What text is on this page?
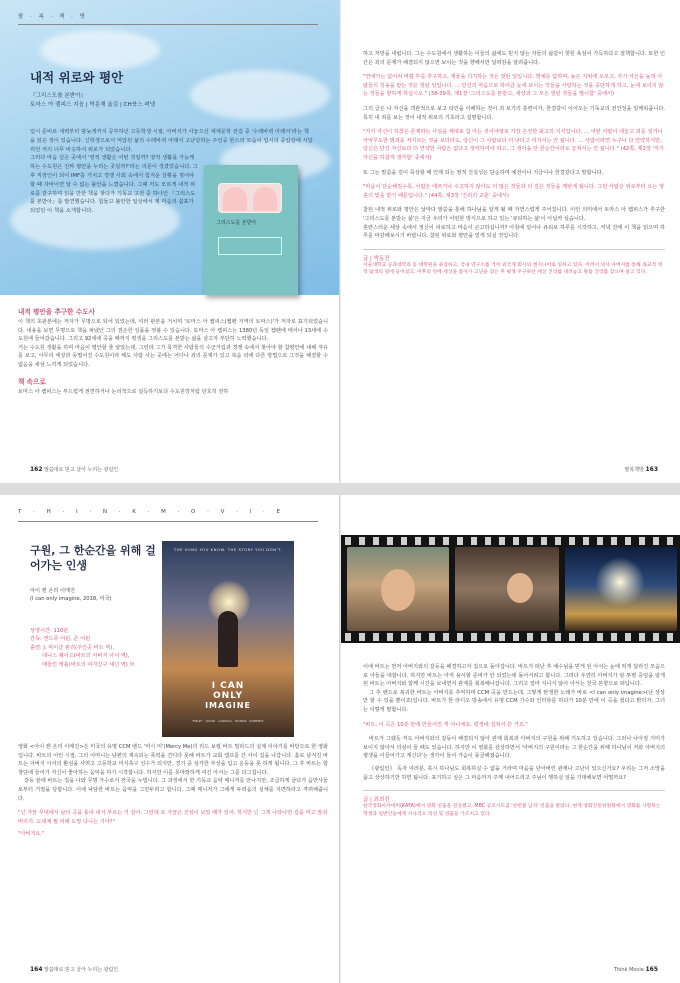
팔 · 복 · 책 · 방
내적 위로와 평안
『그리스도를 본받아』
토마스 아 켐피스 지음 | 박문재 옮김 | CH북스 펴냄

입시 준비로 새벽부터 밤늦게까지 공부하던 고등학생 시절, 아버지가 사놓으신 세계문학 전집 중 '수레바퀴 아래서'라는 책을 읽은 적이 있습니다. 신학생으로서 억압된 삶의 수레바퀴 아래서 고난당하는 주인공 한스의 모습이 입시의 중압감에 시달리던 저의 너무 비슷하여 위로가 되었습니다.

그러다 마음 깊은 곳에서 '영적 생활은 어떤 것일까? 영적 생활을 가능케 하는 수도원은 진짜 평안을 누리는 곳일까?'라는 의문이 생겼었습니다. 그 후 직장인이 되어 IMF를 거치고 경쟁 사회 속에서 힘겨운 상황을 겪어야 할 때 자바이면 알 수 없는 불안을 느꼈습니다. 그때 저도 모르게 내적 위로를 갈구하며 읽을 만한 책을 찾다가 기독교 고전 중 하나인 『그리스도를 본받아』를 발견했습니다. 힘들고 불안한 일상에서 제 마음의 쉼표가 되었던 이 책을 소개합니다.

그리스도를 본받아
내적 평안을 추구한 수도사

이 책의 초판본에는 저자가 무명으로 되어 있었는데, 여러 판본을 거치며 '토마스 아 켐피스(켐펜 지역의 토마스)'가 저자로 표기되었습니다. 내용을 보면 무명으로 책을 펴냈던 그의 겸손한 성품을 엿볼 수 있습니다. 토마스 아 켐피스는 1380년 독일 켐펜에 태어나 13세에 수도원에 들어갔습니다. 그리고 92세에 죽을 때까지 평생을 그리스도를 본받는 삶을 살고자 부단히 노력했습니다.

거는 수도원 생활을 하며 마음이 평안할 줄 알았는데, 그런데 그가 목격한 사람들의 수군거림과 경쟁 속에서 찾아야 할 참평안에 대해 자유를 보고, 아무리 세상과 동떨어진 수도원이라 해도 사람 사는 곳에는 어디나 죄의 문제가 있고 복음 외에 다른 방법으로 그것을 해결할 수 없음을 새삼 느끼게 되었습니다.

책 속으로

토마스 아 켐피스는 부드럽게 권면하거나 논리적으로 설득하기보다 수도원장처럼 단호히 전하

162 말씀대로 믿고 살아 누리는 광림인

하고 처방을 내립니다. 그는 수도원에서 생활하는 이들의 삶에도 믿지 않는 자들의 삶같이 헛된 욕심이 가득하다고 질책합니다. 또한 인간은 죄의 문제가 해결되지 않으면 보이는 것을 향해서만 달려감을 알려줍니다.

"연애가는 없어져 버릴 부를 추구하고, 재물을 의지하는 것은 헛된 일입니다. 명예를 탐하며, 높은 지위에 오르고, 자기 자신을 높혀 사람들의 칭송을 받는 것은 헛된 일입니다. … 당신의 마음으로 하여금 눈에 보이는 것들을 사랑하는 것을 중단하게 하고, 눈에 보이지 않는 것들을 향하게 하십시오." (38-39쪽, 제1장 '그리스도를 본받고, 세상과 그 모든 헛된 것들을 멸시함' 중에서)

그의 글은 나 자신을 객관적으로 보고 타인을 이해하는 것이 죄 보기의 훈련이자, 한결같이 이어오는 기독교의 전인성을 일깨워줍니다. 특히 내 죄를 보는 것이 내적 위로의 기초라고 설명합니다.

"자기 자신이 하찮은 존재라는 사실을 제대로 참 아는 것이야말로 가장 온전한 최고의 지식입니다. … 어떤 사람이 대놓고 죄를 짓거나 극악무도한 범죄를 저지르는 것을 보더라도, 당신이 그 사람보다 더 낫다고 여겨서는 안 됩니다. … 사람이라면 누구나 다 연약하지만, 당신은 당신 자신보다 더 연약한 사람은 없다고 생각하여야 하고, 그 생각을 단 한순간이라도 놓쳐서는 안 됩니다." (42쪽, 제2장 '자기 자신을 하찮게 생각함' 중에서)

또 그는 말씀을 깊이 묵상할 때 언제 되는 영적 진실성은 단순하며 예전이나 지금이나 한결같다고 말합니다.

"마음이 단순해질수록, 사람은 애쓰거나 수고하지 않아도 더 많은 것들과 더 깊은 것들을 깨닫게 됩니다. 그런 사람은 위로부터 오는 영혼의 빛을 받기 때문입니다." (44쪽, 제3장 '진리의 교훈' 중에서)

참된 내적 위로와 평안은 날마다 말씀을 통해 하나님을 알게 될 때 자연스럽게 주어집니다. 이런 의미에서 토마스 아 켐피스가 추구한 '그리스도를 본받는 삶'은 지금 우리가 어떤한 방식으로 하고 있는 '큐티하는 삶'이 아닐까 싶습니다.

혼란스러운 세상 속에서 정신이 피로하고 마음이 곤고하십니까? 아침에 일어나 큐티로 하루를 시작하고, 저녁 잔에 이 책을 읽으며 하루를 마감해보시기 바랍니다. 참된 위로와 평안을 얻게 되실 것입니다.

글 | 박동진

서울대학교 공과대학과 동 대학원을 졸업하고, 국내 연구소를 거쳐 외국계 회사의 엔지니어로 일하고 있다. 어려서 의사 아버지를 통해 종교적 영적 탐색의 길에 들어섰고, 이후의 뒤에 세상을 좋아가 고난을 겪은 후 평생 주구하던 세상 진리를 내려놓고 말씀 진리를 찾으며 살고 있다.

팔복책방 163
T · H · I · N · K · M · O · V · I · E
구원, 그 한순간을 위해 걸어가는 인생
아이 캔 온리 이매진
(I can only imagine, 2018, 미국)
상영시간: 110분
감독: 앤드류 어윈, 존 어윈
출연: J. 마이클 핀리(주인공 바트 역),
데니스 퀘이드(바트의 아버지 아서 역),
매들린 캐롤(바트의 여자친구 섀넌 역) 外
THE SONG YOU KNOW. THE STORY YOU DON'T.
I CAN
ONLY
IMAGINE
FINLEY · QUAID · CARROLL · NORRIS · ROBERTS

영화 <아이 캔 온리 이매진>은 미국의 유명 CCM 밴드 '머시 미'(Mercy Me)의 리드 보컬 바트 밀라드의 실제 이야기를 바탕으로 한 영화입니다. 바트의 어린 시절, 그의 어머니는 남편의 계속되는 폭력을 견디다 못해 바트가 교회 캠프를 간 사이 집을 나갑니다. 홀로 남겨진 바트는 아버지 아서의 환심을 사려고 고등학교 미식축구 선수가 되지만, 경기 중 심각한 부상을 입고 운동을 못 하게 됩니다. 그 후 바트는 합창단에 들어가 자신이 좋아하는 음악을 하기 시작합니다. 하지만 이를 못마땅하게 여긴 아서는 그를 다그칩니다.

갈등 끝에 바트는 집을 나와 무명 가수로서 전국을 누빕니다. 그 과정에서 한 기독교 음악 매니저를 만나지만, 조급하게 굴다가 음반사들로부터 거절을 당합니다. 이에 낙담한 바트는 음악을 그만두려고 합니다. 그때 매니저가 그에게 두려움의 실체를 지면하라고 격려해줍니다.

"넌 가끔 무대에서 남의 곡을 흉내 내서 부르는 거 같아. 그런데 또 가끔은 진심이 보일 때가 있어. 하지만 넌 그게 나타나면 겁을 먹고 잠궈버리지. 도대체 뭘 피해 도망 다니는 거야?"

"아버지요."

164 말씀대로 믿고 살아 누리는 광림인

이에 바트는 먼저 아버지와의 갈등을 해결하고자 집으로 돌아갑니다. 바트가 떠난 후 예수님을 믿게 된 아서는 눈에 띄게 달라진 모습으로 아들을 대합니다. 하지만 바트는 아직 용서할 준비가 안 되었는데 돌아서려고 합니다. 그러다 우연히 아버지가 암 투병 중임을 알게 된 바트는 아버지와 함께 시간을 보내면서 관계를 회복해나갑니다. 그리고 얼마 지나지 않아 아서는 천국 본향으로 떠납니다.

그 후 밴드로 복귀한 바트는 아버지를 추억하며 CCM 곡을 만드는데, 그렇게 탄생한 노래가 바로 <I can only imagine>(난 상상만 할 수 있을 뿐이죠)입니다. 바트가 한 라디오 방송에서 유명 CCM 가수와 인터뷰를 하다가 10분 만에 이 곡을 썼다고 밝히자, 그녀는 이렇게 말합니다.

"바트, 이 곡은 10분 만에 만들어진 게 아니에요. 평생에 걸쳐서 쓴 거죠."

바트가 그랬듯 저도 아버지와의 갈등이 해결되지 않아 관계 회복과 아버지의 구원을 위해 기도하고 있습니다. 그러나 나아질 기미가 보이지 않아서 의심이 들 때도 있습니다. 하지만 이 영화를 감상하면서 '아버지의 구원이라는 그 한순간을 위해 하나님이 저와 아버지의 평생을 이끌어가고 계신다'는 생각이 들어 가슴이 뭉클해졌습니다.

《광림인》 독자 여러분, 혹시 하나님도 회복하실 수 없을 거라며 마음을 닫아버린 관계나 고난이 있으신가요? 우리는 그저 소망을 품고 상상하기만 하면 됩니다. 포기하고 싶은 그 마음까지 주께 내어드리고 주님이 행하실 일을 기대해보면 어떨까요?

글 | 최희진

한국영화아카데미(KAFA)에서 영화 연출을 전공했고, MBC 공모시트콤 '한번쯤 남자' 연출을 맡았다. 현재 영화진흥위원회에서 영화를 사랑하는 학생과 일반인들에게 시나리오 작성 및 연출을 가르치고 있다.

Think Movie 165
